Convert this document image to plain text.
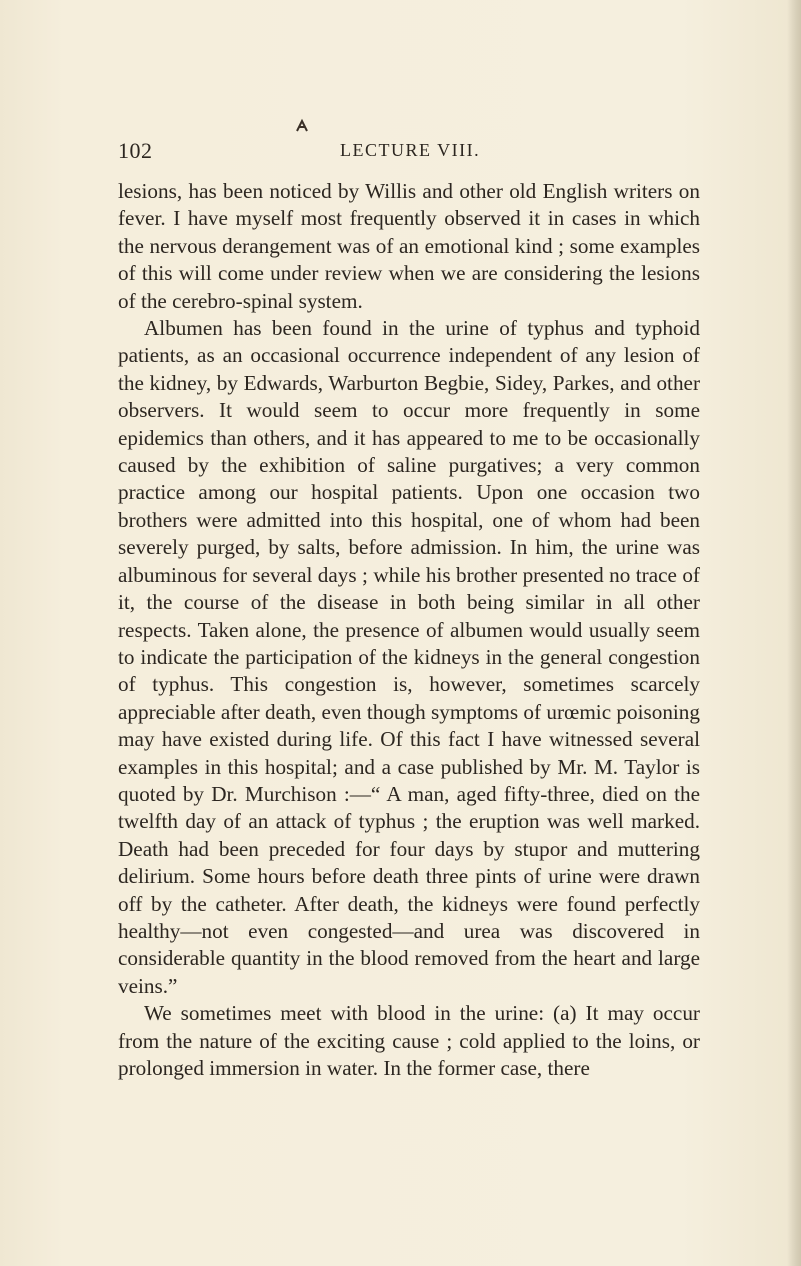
102	LECTURE VIII.

lesions, has been noticed by Willis and other old English writers on fever. I have myself most frequently observed it in cases in which the nervous derangement was of an emotional kind ; some examples of this will come under review when we are considering the lesions of the cerebro-spinal system.

Albumen has been found in the urine of typhus and typhoid patients, as an occasional occurrence independent of any lesion of the kidney, by Edwards, Warburton Begbie, Sidey, Parkes, and other observers. It would seem to occur more frequently in some epidemics than others, and it has appeared to me to be occasionally caused by the exhibition of saline purgatives; a very common practice among our hospital patients. Upon one occasion two brothers were admitted into this hospital, one of whom had been severely purged, by salts, before admission. In him, the urine was albuminous for several days ; while his brother presented no trace of it, the course of the disease in both being similar in all other respects. Taken alone, the presence of albumen would usually seem to indicate the participation of the kidneys in the general congestion of typhus. This congestion is, however, sometimes scarcely appreciable after death, even though symptoms of urœmic poisoning may have existed during life. Of this fact I have witnessed several examples in this hospital; and a case published by Mr. M. Taylor is quoted by Dr. Murchison :—“ A man, aged fifty-three, died on the twelfth day of an attack of typhus ; the eruption was well marked. Death had been preceded for four days by stupor and muttering delirium. Some hours before death three pints of urine were drawn off by the catheter. After death, the kidneys were found perfectly healthy—not even congested—and urea was discovered in considerable quantity in the blood removed from the heart and large veins.”

We sometimes meet with blood in the urine: (a) It may occur from the nature of the exciting cause ; cold applied to the loins, or prolonged immersion in water. In the former case, there
